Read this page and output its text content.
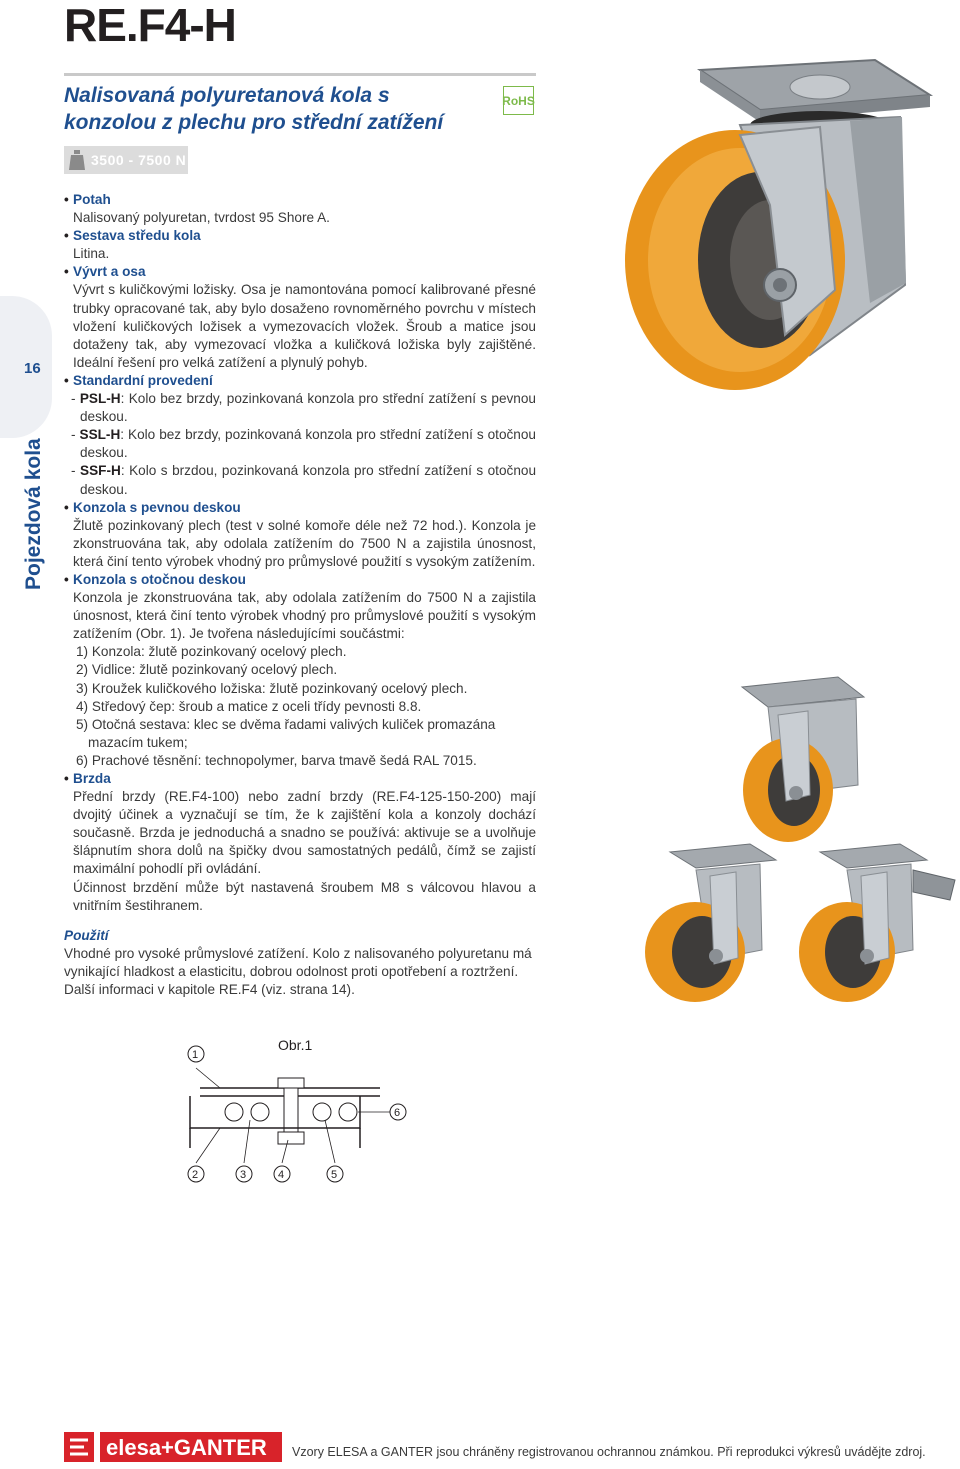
RE.F4-H
Nalisovaná polyuretanová kola s konzolou z plechu pro střední zatížení
RoHS
3500 - 7500 N
16
Pojezdová kola

• Potah

Nalisovaný polyuretan, tvrdost 95 Shore A.

• Sestava středu kola

Litina.

• Vývrt a osa

Vývrt s kuličkovými ložisky. Osa je namontována pomocí kalibrované přesné trubky opracované tak, aby bylo dosaženo rovnoměrného povrchu v místech vložení kuličkových ložisek a vymezovacích vložek. Šroub a matice jsou dotaženy tak, aby vymezovací vložka a kuličková ložiska byly zajištěné. Ideální řešení pro velká zatížení a plynulý pohyb.

• Standardní provedení

- PSL-H: Kolo bez brzdy, pozinkovaná konzola pro střední zatížení s pevnou deskou.

- SSL-H: Kolo bez brzdy, pozinkovaná konzola pro střední zatížení s otočnou deskou.

- SSF-H: Kolo s brzdou, pozinkovaná konzola pro střední zatížení s otočnou deskou.

• Konzola s pevnou deskou

Žlutě pozinkovaný plech (test v solné komoře déle než 72 hod.). Konzola je zkonstruována tak, aby odolala zatížením do 7500 N a zajistila únosnost, která činí tento výrobek vhodný pro průmyslové použití s vysokým zatížením.

• Konzola s otočnou deskou

Konzola je zkonstruována tak, aby odolala zatížením do 7500 N a zajistila únosnost, která činí tento výrobek vhodný pro průmyslové použití s vysokým zatížením (Obr. 1). Je tvořena následujícími součástmi:

1) Konzola: žlutě pozinkovaný ocelový plech.

2) Vidlice: žlutě pozinkovaný ocelový plech.

3) Kroužek kuličkového ložiska: žlutě pozinkovaný ocelový plech.

4) Středový čep: šroub a matice z oceli třídy pevnosti 8.8.

5) Otočná sestava: klec se dvěma řadami valivých kuliček promazána mazacím tukem;

6) Prachové těsnění: technopolymer, barva tmavě šedá RAL 7015.

• Brzda

Přední brzdy (RE.F4-100) nebo zadní brzdy (RE.F4-125-150-200) mají dvojitý účinek a vyznačují se tím, že k zajištění kola a konzoly dochází současně. Brzda je jednoduchá a snadno se používá: aktivuje se a uvolňuje šlápnutím shora dolů na špičky dvou samostatných pedálů, čímž se zajistí maximální pohodlí při ovládání.

Účinnost brzdění může být nastavená šroubem M8 s válcovou hlavou a vnitřním šestihranem.

Použití

Vhodné pro vysoké průmyslové zatížení. Kolo z nalisovaného polyuretanu má vynikající hladkost a elasticitu, dobrou odolnost proti opotřebení a roztržení.

Další informaci v kapitole RE.F4 (viz. strana 14).

Obr.1
1
2	3	4	5
6
elesa+GANTER Vzory ELESA a GANTER jsou chráněny registrovanou ochrannou známkou. Při reprodukci výkresů uvádějte zdroj.
